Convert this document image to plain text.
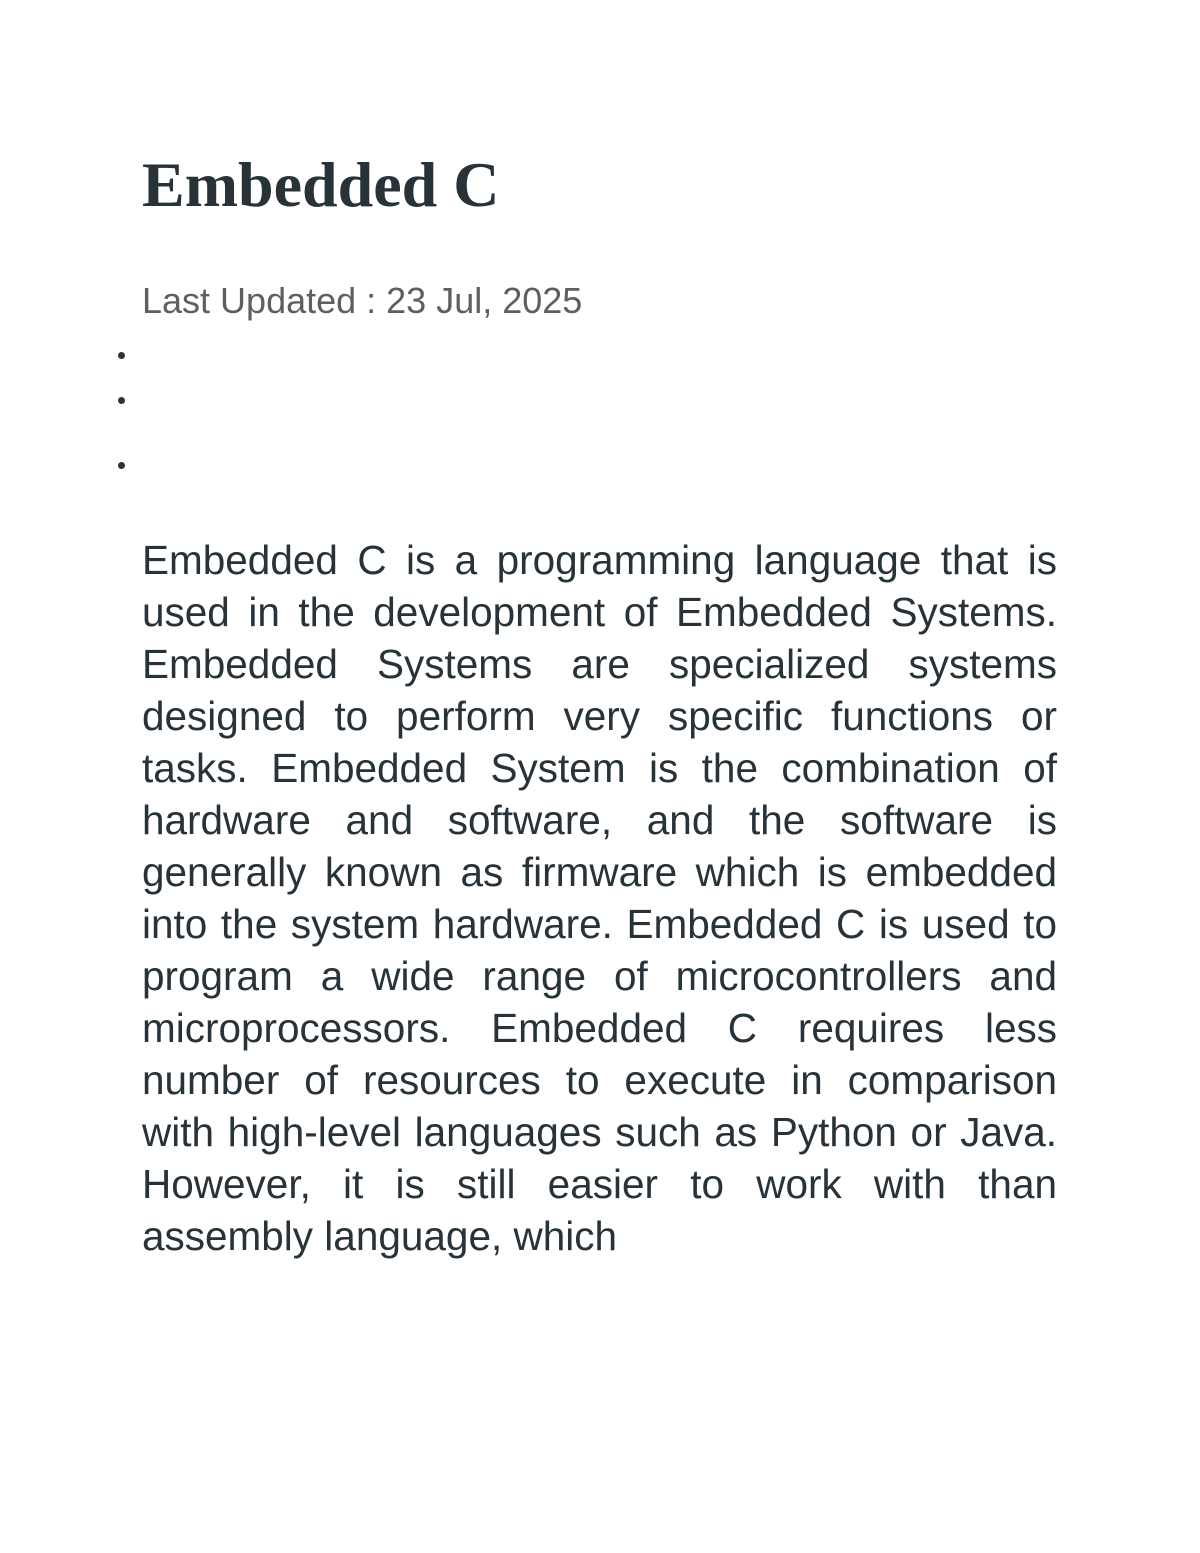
Embedded C
Last Updated : 23 Jul, 2025

Embedded C is a programming language that is used in the development of Embedded Systems. Embedded Systems are specialized systems designed to perform very specific functions or tasks. Embedded System is the combination of hardware and software, and the software is generally known as firmware which is embedded into the system hardware. Embedded C is used to program a wide range of microcontrollers and microprocessors. Embedded C requires less number of resources to execute in comparison with high-level languages such as Python or Java. However, it is still easier to work with than assembly language, which
